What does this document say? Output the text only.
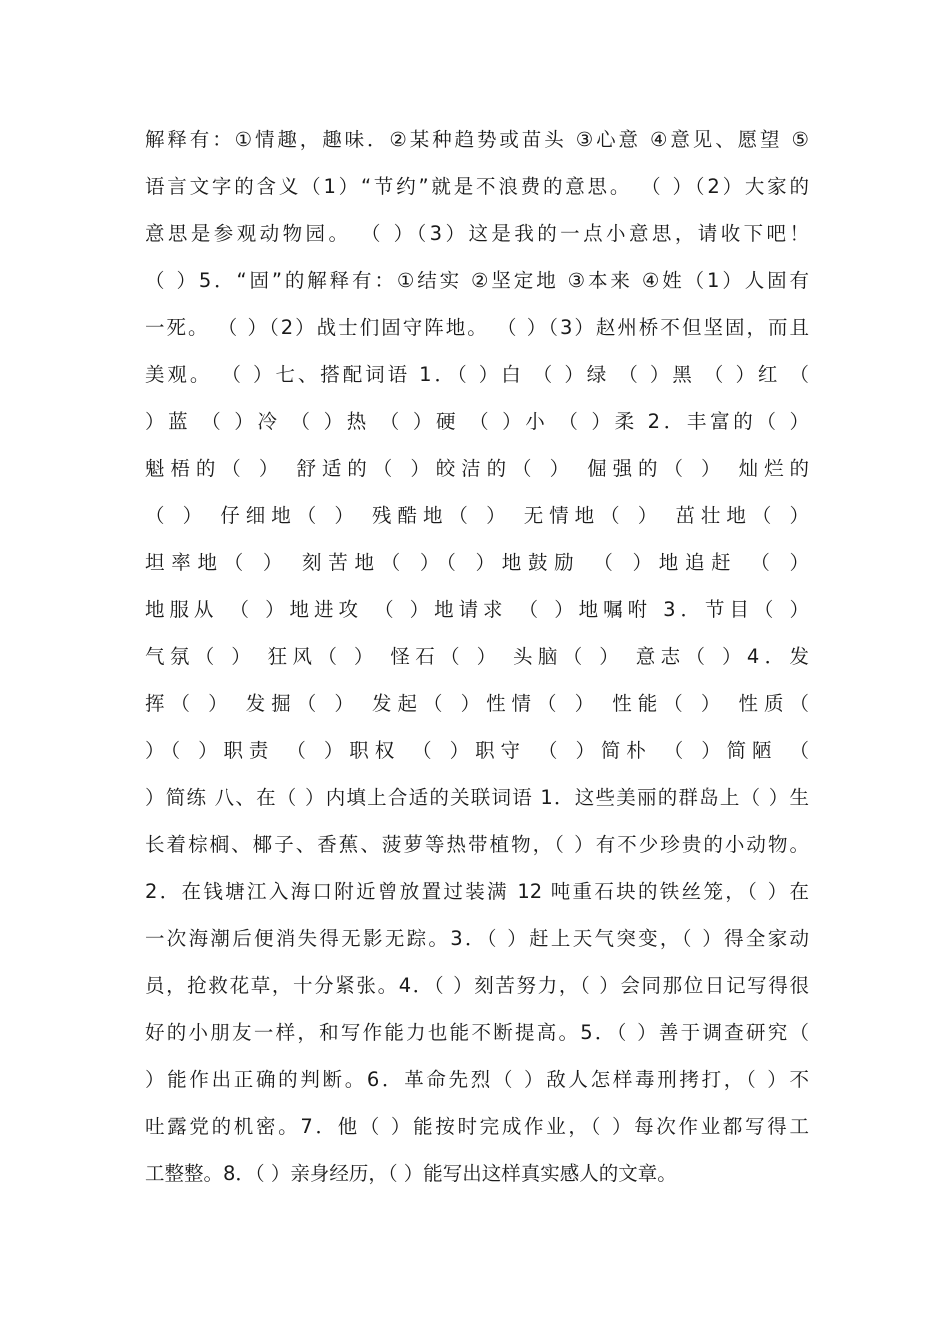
解释有：①情趣，趣味．②某种趋势或苗头 ③心意 ④意见、愿望 ⑤
语言文字的含义（1）“节约”就是不浪费的意思。 （ ）（2）大家的
意思是参观动物园。 （ ）（3）这是我的一点小意思，请收下吧！
（ ）5．“固”的解释有：①结实 ②坚定地 ③本来 ④姓（1）人固有
一死。 （ ）（2）战士们固守阵地。 （ ）（3）赵州桥不但坚固，而且
美观。 （ ）七、搭配词语 1．（ ）白 （ ）绿 （ ）黑 （ ）红 （
）蓝 （ ）冷 （ ）热 （ ）硬 （ ）小 （ ）柔 2．丰富的（ ）
魁梧的（ ） 舒适的（ ）皎洁的（ ） 倔强的（ ） 灿烂的
（ ） 仔细地（ ） 残酷地（ ） 无情地（ ） 茁壮地（ ）
坦率地（ ） 刻苦地（ ）（ ）地鼓励 （ ）地追赶 （ ）
地服从 （ ）地进攻 （ ）地请求 （ ）地嘱咐 3．节目（ ）
气氛（ ） 狂风（ ） 怪石（ ） 头脑（ ） 意志（ ）4．发
挥（ ） 发掘（ ） 发起（ ）性情（ ） 性能（ ） 性质（
）（ ）职责 （ ）职权 （ ）职守 （ ）简朴 （ ）简陋 （
）简练 八、在（ ）内填上合适的关联词语 1．这些美丽的群岛上（ ）生
长着棕榈、椰子、香蕉、菠萝等热带植物，（ ）有不少珍贵的小动物。
2．在钱塘江入海口附近曾放置过装满 12 吨重石块的铁丝笼，（ ）在
一次海潮后便消失得无影无踪。3．（ ）赶上天气突变，（ ）得全家动
员，抢救花草，十分紧张。4．（ ）刻苦努力，（ ）会同那位日记写得很
好的小朋友一样，和写作能力也能不断提高。5．（ ）善于调查研究（
）能作出正确的判断。6．革命先烈（ ）敌人怎样毒刑拷打，（ ）不
吐露党的机密。7．他（ ）能按时完成作业，（ ）每次作业都写得工
工整整。8．（ ）亲身经历，（ ）能写出这样真实感人的文章。
